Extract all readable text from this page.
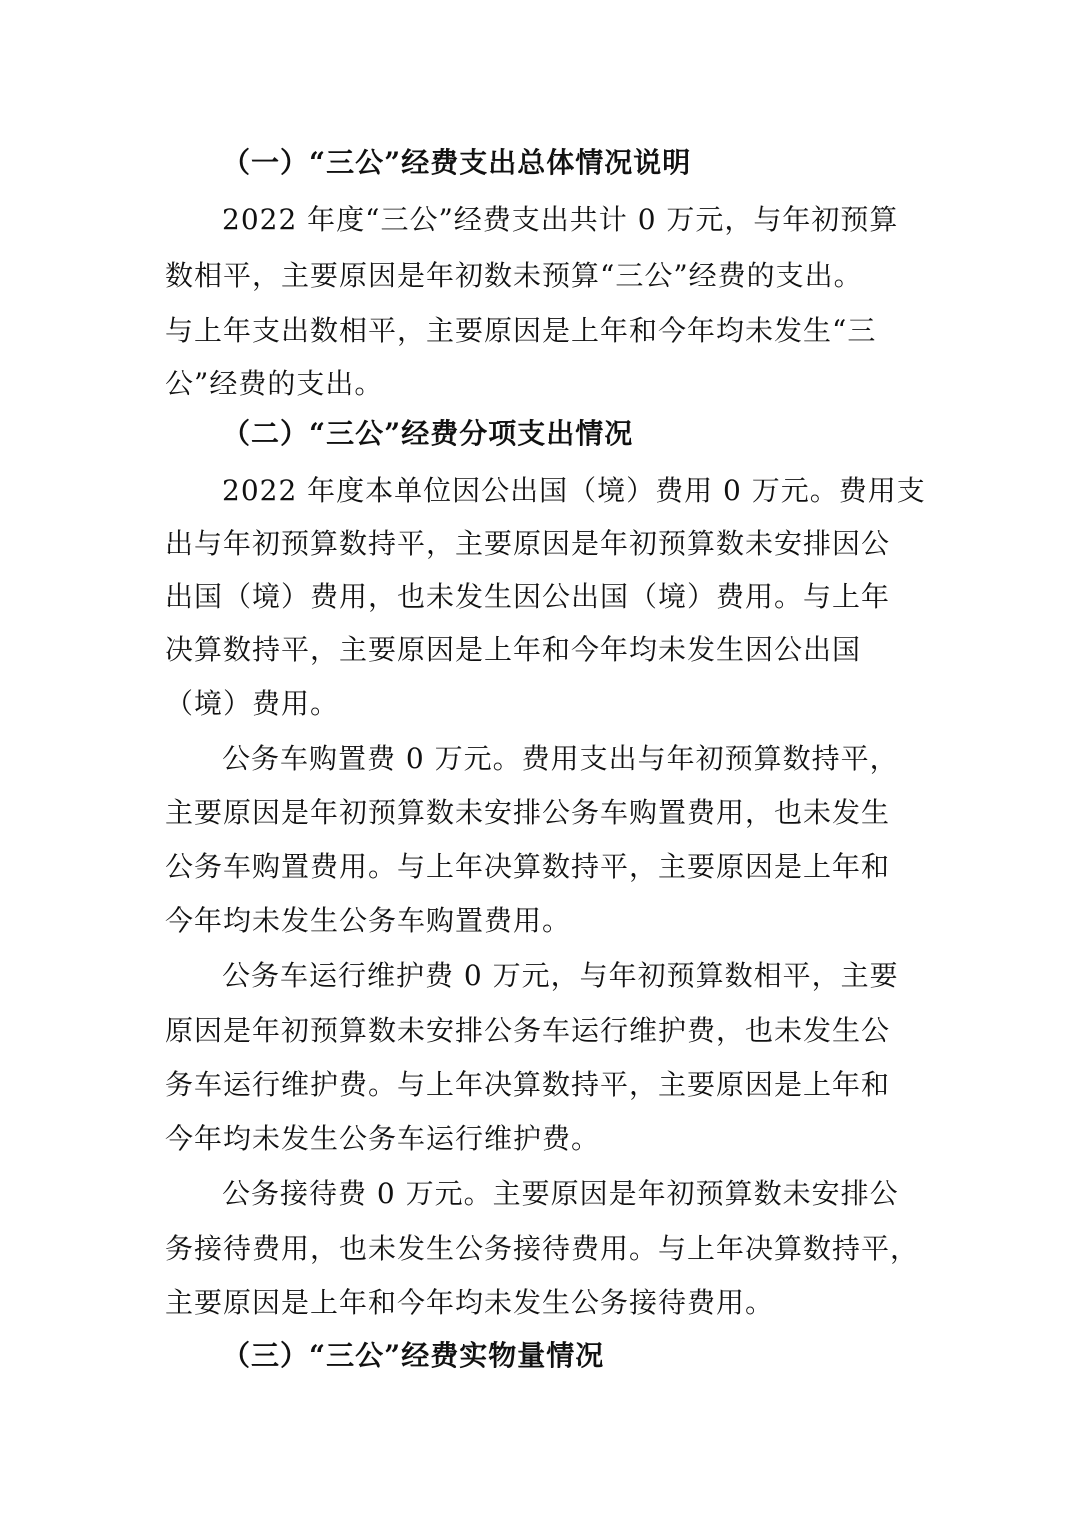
（一）“三公”经费支出总体情况说明
2022 年度“三公”经费支出共计 0 万元，与年初预算
数相平，主要原因是年初数未预算“三公”经费的支出。
与上年支出数相平，主要原因是上年和今年均未发生“三
公”经费的支出。
（二）“三公”经费分项支出情况
2022 年度本单位因公出国（境）费用 0 万元。费用支
出与年初预算数持平，主要原因是年初预算数未安排因公
出国（境）费用，也未发生因公出国（境）费用。与上年
决算数持平，主要原因是上年和今年均未发生因公出国
（境）费用。
公务车购置费 0 万元。费用支出与年初预算数持平，
主要原因是年初预算数未安排公务车购置费用，也未发生
公务车购置费用。与上年决算数持平，主要原因是上年和
今年均未发生公务车购置费用。
公务车运行维护费 0 万元，与年初预算数相平，主要
原因是年初预算数未安排公务车运行维护费，也未发生公
务车运行维护费。与上年决算数持平，主要原因是上年和
今年均未发生公务车运行维护费。
公务接待费 0 万元。主要原因是年初预算数未安排公
务接待费用，也未发生公务接待费用。与上年决算数持平，
主要原因是上年和今年均未发生公务接待费用。
（三）“三公”经费实物量情况
